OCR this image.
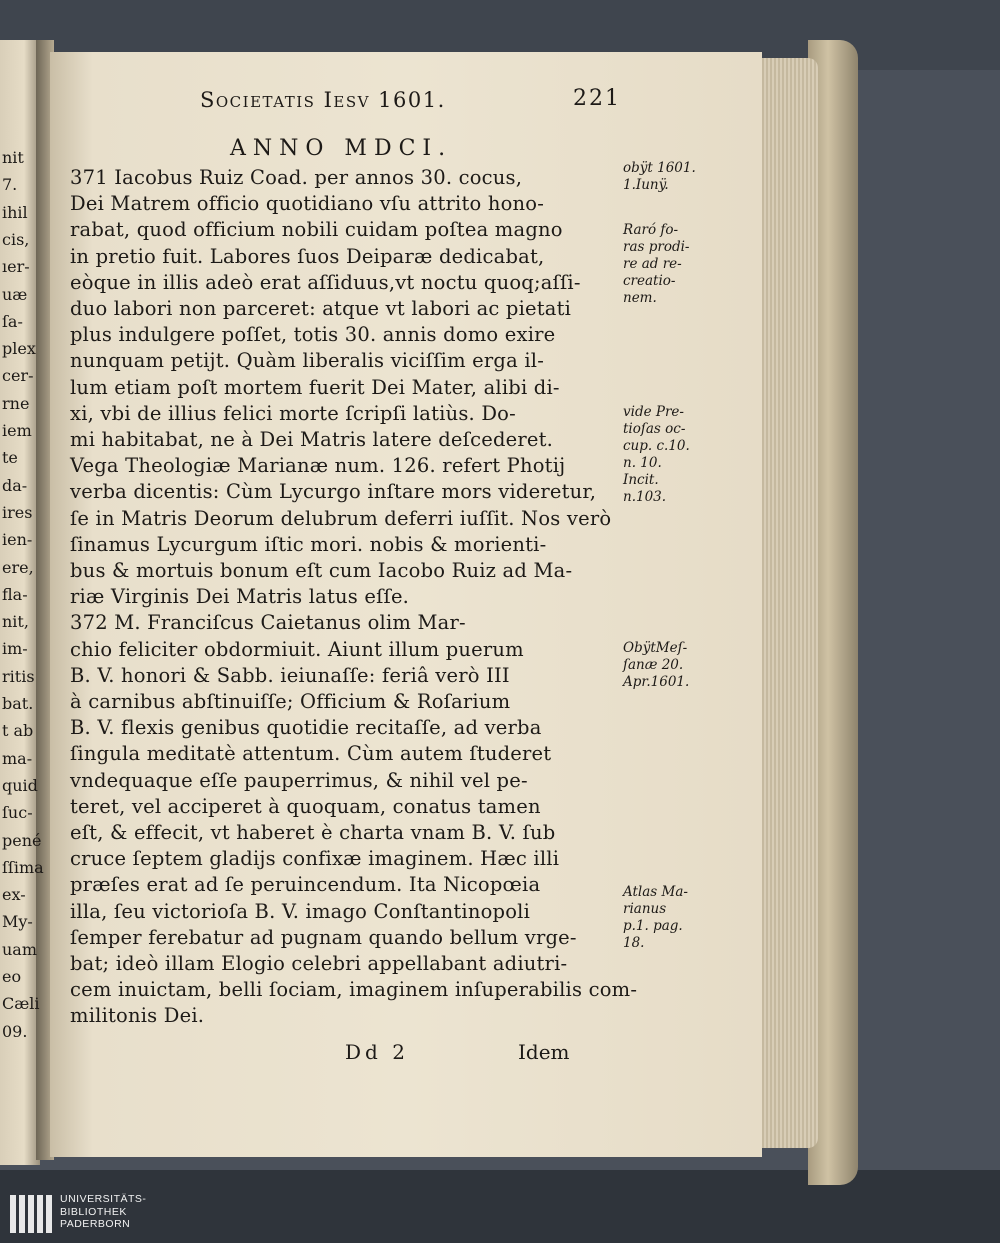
nit
7.
ihil
cis,
ıer-
uæ
ſa-
plex
cer-
rne
iem
te
da-
ires
ien-
ere,
fla-
nit,
im-
ritis
bat.
t ab
ma-
quid
ſuc-
pené
ſſima
ex-
My-
uam
eo
Cæli
09.
Societatis Iesv 1601.	221
ANNO MDCI.
371 Iacobus Ruiz Coad. per annos 30. cocus,
Dei Matrem officio quotidiano vſu attrito hono-
rabat, quod officium nobili cuidam poſtea magno
in pretio fuit. Labores ſuos Deiparæ dedicabat,
eòque in illis adeò erat aſſiduus,vt noctu quoq;aſſi-
duo labori non parceret: atque vt labori ac pietati
plus indulgere poſſet, totis 30. annis domo exire
nunquam petijt. Quàm liberalis viciſſim erga il-
lum etiam poſt mortem fuerit Dei Mater, alibi di-
xi, vbi de illius felici morte ſcripſi latiùs. Do-
mi habitabat, ne à Dei Matris latere deſcederet.
Vega Theologiæ Marianæ num. 126. refert Photij
verba dicentis: Cùm Lycurgo inſtare mors videretur,
ſe in Matris Deorum delubrum deferri iuſſit. Nos verò
ſinamus Lycurgum iſtic mori. nobis & morienti-
bus & mortuis bonum eſt cum Iacobo Ruiz ad Ma-
riæ Virginis Dei Matris latus eſſe.
372 M. Franciſcus Caietanus olim Mar-
chio feliciter obdormiuit. Aiunt illum puerum
B. V. honori & Sabb. ieiunaſſe: feriâ verò III
à carnibus abſtinuiſſe; Officium & Roſarium
B. V. flexis genibus quotidie recitaſſe, ad verba
ſingula meditatè attentum. Cùm autem ſtuderet
vndequaque eſſe pauperrimus, & nihil vel pe-
teret, vel acciperet à quoquam, conatus tamen
eſt, & effecit, vt haberet è charta vnam B. V. ſub
cruce ſeptem gladijs confixæ imaginem. Hæc illi
præſes erat ad ſe peruincendum. Ita Nicopœia
illa, ſeu victorioſa B. V. imago Conſtantinopoli
ſemper ferebatur ad pugnam quando bellum vrge-
bat; ideò illam Elogio celebri appellabant adiutri-
cem inuictam, belli ſociam, imaginem inſuperabilis com-
militonis Dei.
obÿt 1601.
1.Iunÿ.
Raró fo-
ras prodi-
re ad re-
creatio-
nem.
vide Pre-
tioſas oc-
cup. c.10.
n. 10.
Incit.
n.103.
ObÿtMeſ-
ſanæ 20.
Apr.1601.
Atlas Ma-
rianus
p.1. pag.
18.
Dd 2	Idem
UNIVERSITÄTS-
BIBLIOTHEK
PADERBORN
